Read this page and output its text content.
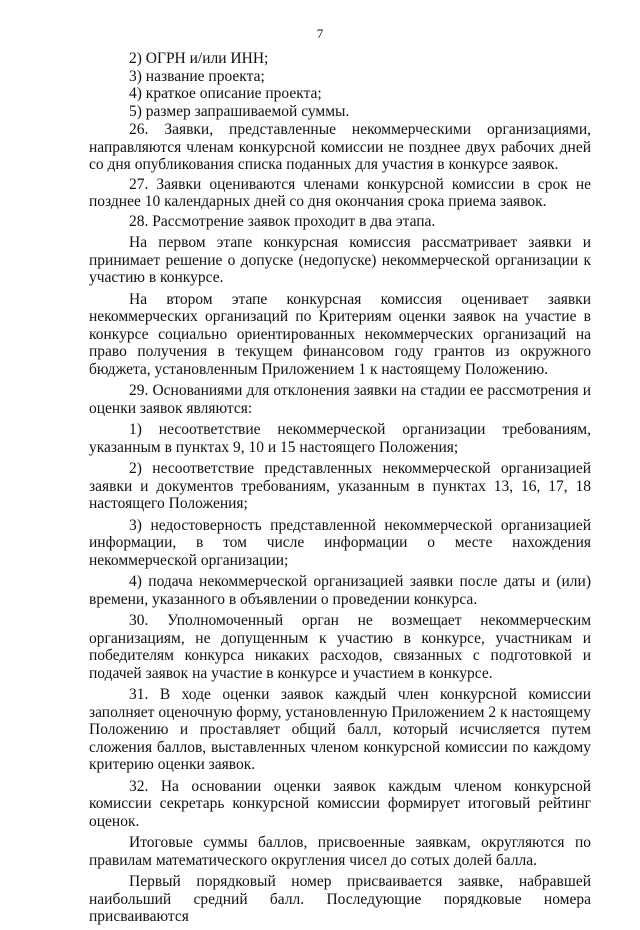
7

2) ОГРН и/или ИНН;

3) название проекта;

4) краткое описание проекта;

5) размер запрашиваемой суммы.

26. Заявки, представленные некоммерческими организациями, направляются членам конкурсной комиссии не позднее двух рабочих дней со дня опубликования списка поданных для участия в конкурсе заявок.

27. Заявки оцениваются членами конкурсной комиссии в срок не позднее 10 календарных дней со дня окончания срока приема заявок.

28. Рассмотрение заявок проходит в два этапа.

На первом этапе конкурсная комиссия рассматривает заявки и принимает решение о допуске (недопуске) некоммерческой организации к участию в конкурсе.

На втором этапе конкурсная комиссия оценивает заявки некоммерческих организаций по Критериям оценки заявок на участие в конкурсе социально ориентированных некоммерческих организаций на право получения в текущем финансовом году грантов из окружного бюджета, установленным Приложением 1 к настоящему Положению.

29. Основаниями для отклонения заявки на стадии ее рассмотрения и оценки заявок являются:

1) несоответствие некоммерческой организации требованиям, указанным в пунктах 9, 10 и 15 настоящего Положения;

2) несоответствие представленных некоммерческой организацией заявки и документов требованиям, указанным в пунктах 13, 16, 17, 18 настоящего Положения;

3) недостоверность представленной некоммерческой организацией информации, в том числе информации о месте нахождения некоммерческой организации;

4) подача некоммерческой организацией заявки после даты и (или) времени, указанного в объявлении о проведении конкурса.

30. Уполномоченный орган не возмещает некоммерческим организациям, не допущенным к участию в конкурсе, участникам и победителям конкурса никаких расходов, связанных с подготовкой и подачей заявок на участие в конкурсе и участием в конкурсе.

31. В ходе оценки заявок каждый член конкурсной комиссии заполняет оценочную форму, установленную Приложением 2 к настоящему Положению и проставляет общий балл, который исчисляется путем сложения баллов, выставленных членом конкурсной комиссии по каждому критерию оценки заявок.

32. На основании оценки заявок каждым членом конкурсной комиссии секретарь конкурсной комиссии формирует итоговый рейтинг оценок.

Итоговые суммы баллов, присвоенные заявкам, округляются по правилам математического округления чисел до сотых долей балла.

Первый порядковый номер присваивается заявке, набравшей наибольший средний балл. Последующие порядковые номера присваиваются
